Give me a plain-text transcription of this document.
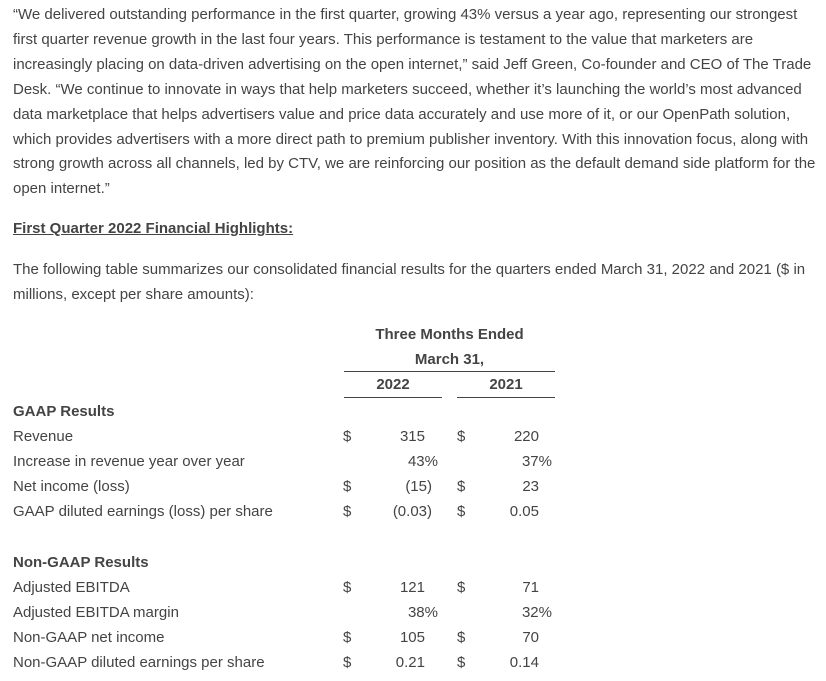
“We delivered outstanding performance in the first quarter, growing 43% versus a year ago, representing our strongest first quarter revenue growth in the last four years. This performance is testament to the value that marketers are increasingly placing on data-driven advertising on the open internet,” said Jeff Green, Co-founder and CEO of The Trade Desk. “We continue to innovate in ways that help marketers succeed, whether it’s launching the world’s most advanced data marketplace that helps advertisers value and price data accurately and use more of it, or our OpenPath solution, which provides advertisers with a more direct path to premium publisher inventory. With this innovation focus, along with strong growth across all channels, led by CTV, we are reinforcing our position as the default demand side platform for the open internet.”

First Quarter 2022 Financial Highlights:

The following table summarizes our consolidated financial results for the quarters ended March 31, 2022 and 2021 ($ in millions, except per share amounts):

Three Months Ended
March 31,
2022	2021
GAAP Results
Revenue	$	315 $	220
Increase in revenue year over year	43%	37%
Net income (loss)	$	(15) $	23
GAAP diluted earnings (loss) per share	$	(0.03) $	0.05
Non-GAAP Results
Adjusted EBITDA	$	121 $	71
Adjusted EBITDA margin	38%	32%
Non-GAAP net income	$	105 $	70
Non-GAAP diluted earnings per share	$	0.21 $	0.14
